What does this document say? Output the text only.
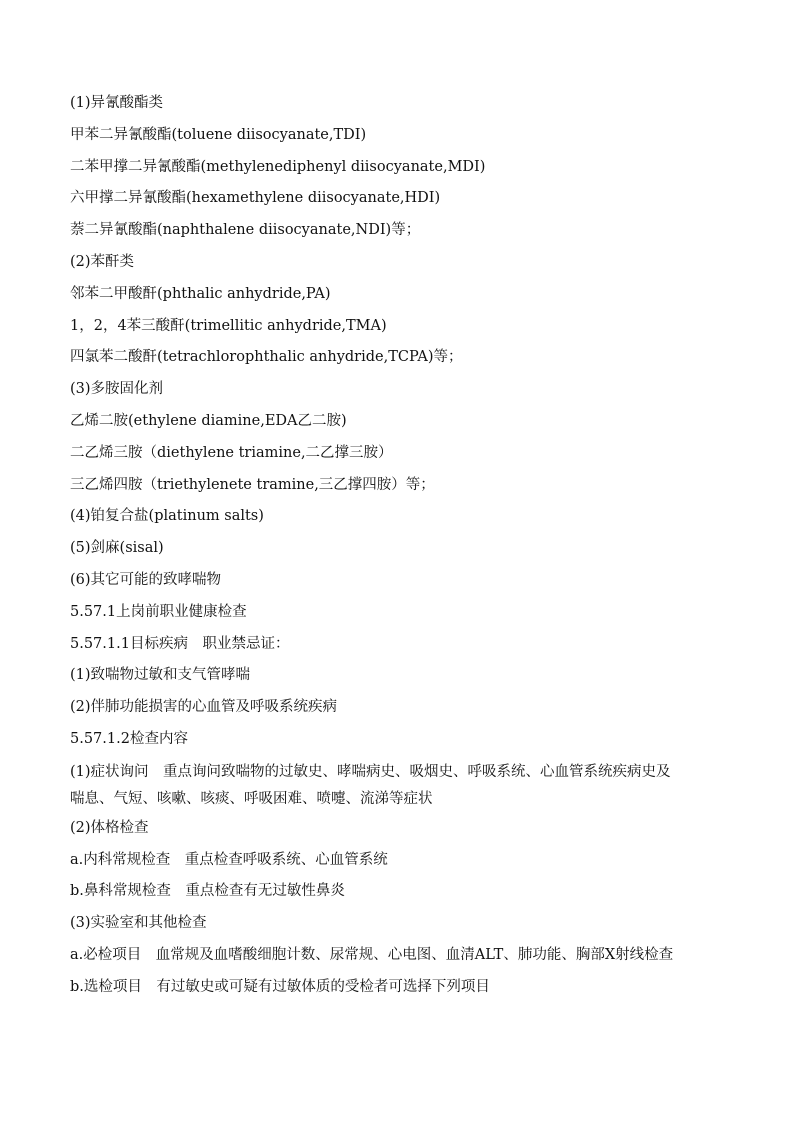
(1)异氰酸酯类
甲苯二异氰酸酯(toluene diisocyanate,TDI)
二苯甲撑二异氰酸酯(methylenediphenyl diisocyanate,MDI)
六甲撑二异氰酸酯(hexamethylene diisocyanate,HDI)
萘二异氰酸酯(naphthalene diisocyanate,NDI)等；
(2)苯酐类
邻苯二甲酸酐(phthalic anhydride,PA)
1，2，4苯三酸酐(trimellitic anhydride,TMA)
四氯苯二酸酐(tetrachlorophthalic anhydride,TCPA)等；
(3)多胺固化剂
乙烯二胺(ethylene diamine,EDA乙二胺)
二乙烯三胺（diethylene triamine,二乙撑三胺）
三乙烯四胺（triethylenete tramine,三乙撑四胺）等；
(4)铂复合盐(platinum salts)
(5)剑麻(sisal)
(6)其它可能的致哮喘物
5.57.1上岗前职业健康检查
5.57.1.1目标疾病　职业禁忌证：
(1)致喘物过敏和支气管哮喘
(2)伴肺功能损害的心血管及呼吸系统疾病
5.57.1.2检查内容
(1)症状询问　重点询问致喘物的过敏史、哮喘病史、吸烟史、呼吸系统、心血管系统疾病史及
喘息、气短、咳嗽、咳痰、呼吸困难、喷嚏、流涕等症状
(2)体格检查
a.内科常规检查　重点检查呼吸系统、心血管系统
b.鼻科常规检查　重点检查有无过敏性鼻炎
(3)实验室和其他检查
a.必检项目　血常规及血嗜酸细胞计数、尿常规、心电图、血清ALT、肺功能、胸部X射线检查
b.选检项目　有过敏史或可疑有过敏体质的受检者可选择下列项目
